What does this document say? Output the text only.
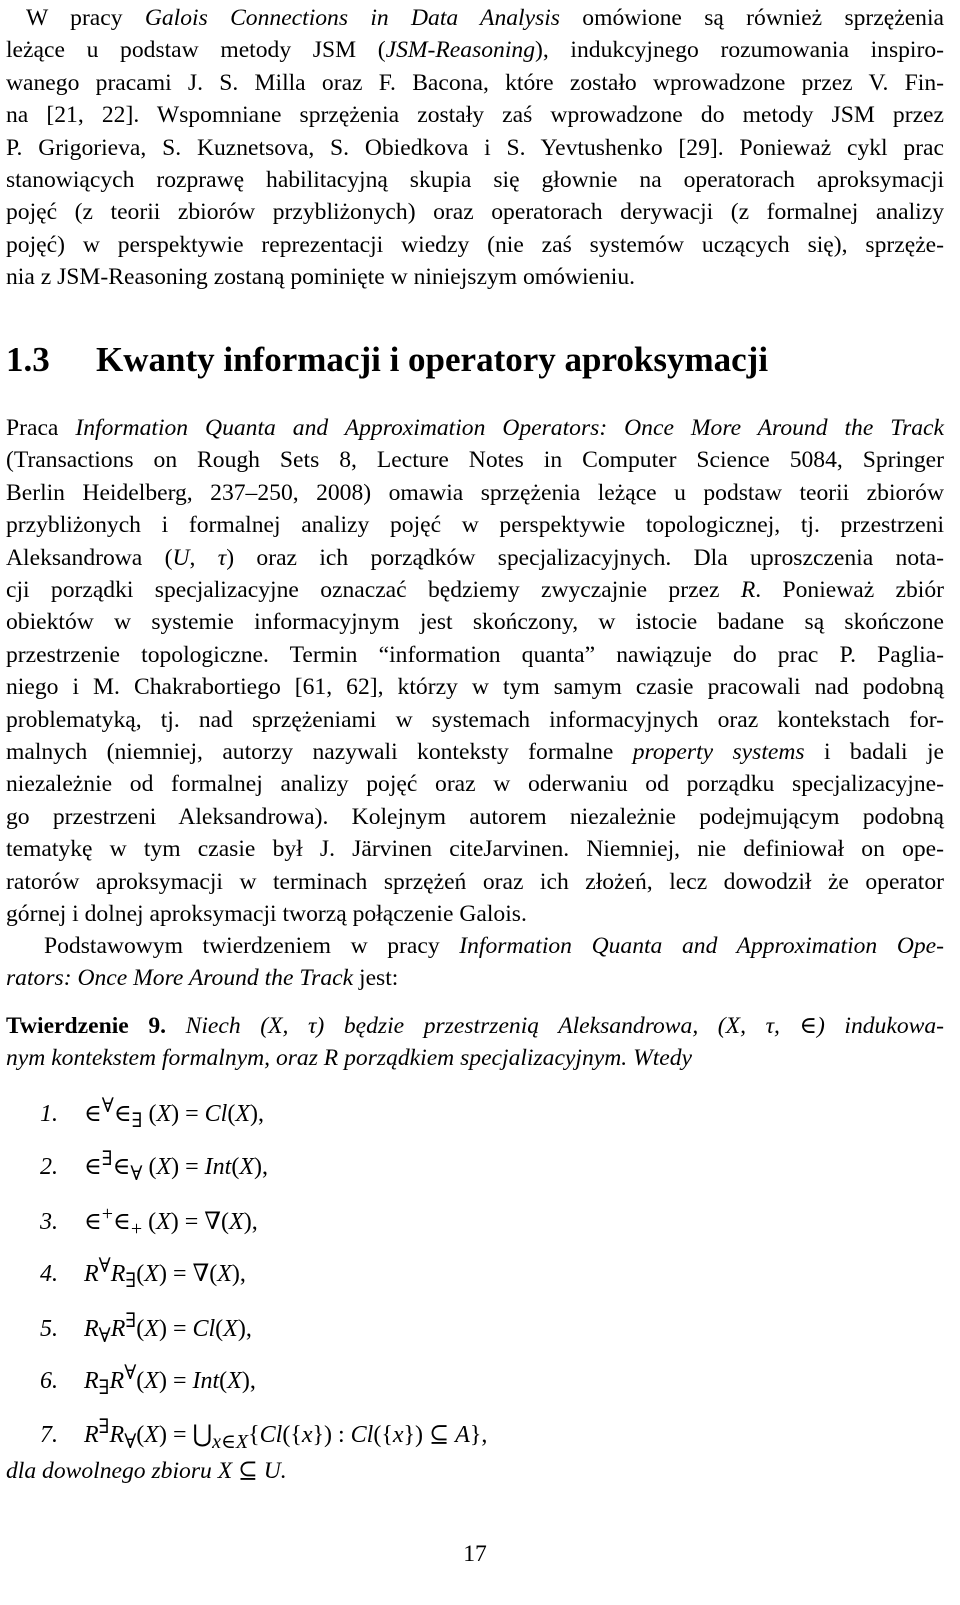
W pracy Galois Connections in Data Analysis omówione są również sprzężenia
leżące u podstaw metody JSM (JSM-Reasoning), indukcyjnego rozumowania inspiro-
wanego pracami J. S. Milla oraz F. Bacona, które zostało wprowadzone przez V. Fin-
na [21, 22]. Wspomniane sprzężenia zostały zaś wprowadzone do metody JSM przez
P. Grigorieva, S. Kuznetsova, S. Obiedkova i S. Yevtushenko [29]. Ponieważ cykl prac
stanowiących rozprawę habilitacyjną skupia się głownie na operatorach aproksymacji
pojęć (z teorii zbiorów przybliżonych) oraz operatorach derywacji (z formalnej analizy
pojęć) w perspektywie reprezentacji wiedzy (nie zaś systemów uczących się), sprzęże-
nia z JSM-Reasoning zostaną pominięte w niniejszym omówieniu.
1.3 Kwanty informacji i operatory aproksymacji
Praca Information Quanta and Approximation Operators: Once More Around the Track
(Transactions on Rough Sets 8, Lecture Notes in Computer Science 5084, Springer
Berlin Heidelberg, 237–250, 2008) omawia sprzężenia leżące u podstaw teorii zbiorów
przybliżonych i formalnej analizy pojęć w perspektywie topologicznej, tj. przestrzeni
Aleksandrowa (U, τ) oraz ich porządków specjalizacyjnych. Dla uproszczenia nota-
cji porządki specjalizacyjne oznaczać będziemy zwyczajnie przez R. Ponieważ zbiór
obiektów w systemie informacyjnym jest skończony, w istocie badane są skończone
przestrzenie topologiczne. Termin “information quanta” nawiązuje do prac P. Paglia-
niego i M. Chakrabortiego [61, 62], którzy w tym samym czasie pracowali nad podobną
problematyką, tj. nad sprzężeniami w systemach informacyjnych oraz kontekstach for-
malnych (niemniej, autorzy nazywali konteksty formalne property systems i badali je
niezależnie od formalnej analizy pojęć oraz w oderwaniu od porządku specjalizacyjne-
go przestrzeni Aleksandrowa). Kolejnym autorem niezależnie podejmującym podobną
tematykę w tym czasie był J. Järvinen citeJarvinen. Niemniej, nie definiował on ope-
ratorów aproksymacji w terminach sprzężeń oraz ich złożeń, lecz dowodził że operator
górnej i dolnej aproksymacji tworzą połączenie Galois.
Podstawowym twierdzeniem w pracy Information Quanta and Approximation Ope-
rators: Once More Around the Track jest:
Twierdzenie 9. Niech (X, τ) będzie przestrzenią Aleksandrowa, (X, τ, ∈) indukowa-
nym kontekstem formalnym, oraz R porządkiem specjalizacyjnym. Wtedy
1. $\in^\forall\in_\exists$ (X) = Cl(X),
2. $\in^\exists\in_\forall$ (X) = Int(X),
3. $\in^+\in_+$ (X) = ∇(X),
4. $R^\forall R_\exists(X) = \nabla(X)$,
5. $R_\forall R^\exists(X) = Cl(X)$,
6. $R_\exists R^\forall(X) = Int(X)$,
7. $R^\exists R_\forall(X)$ = $⋃_{x\in X}\{Cl(\{x\})$ : Cl({x}) ⊆ A},
dla dowolnego zbioru X ⊆ U.
17
